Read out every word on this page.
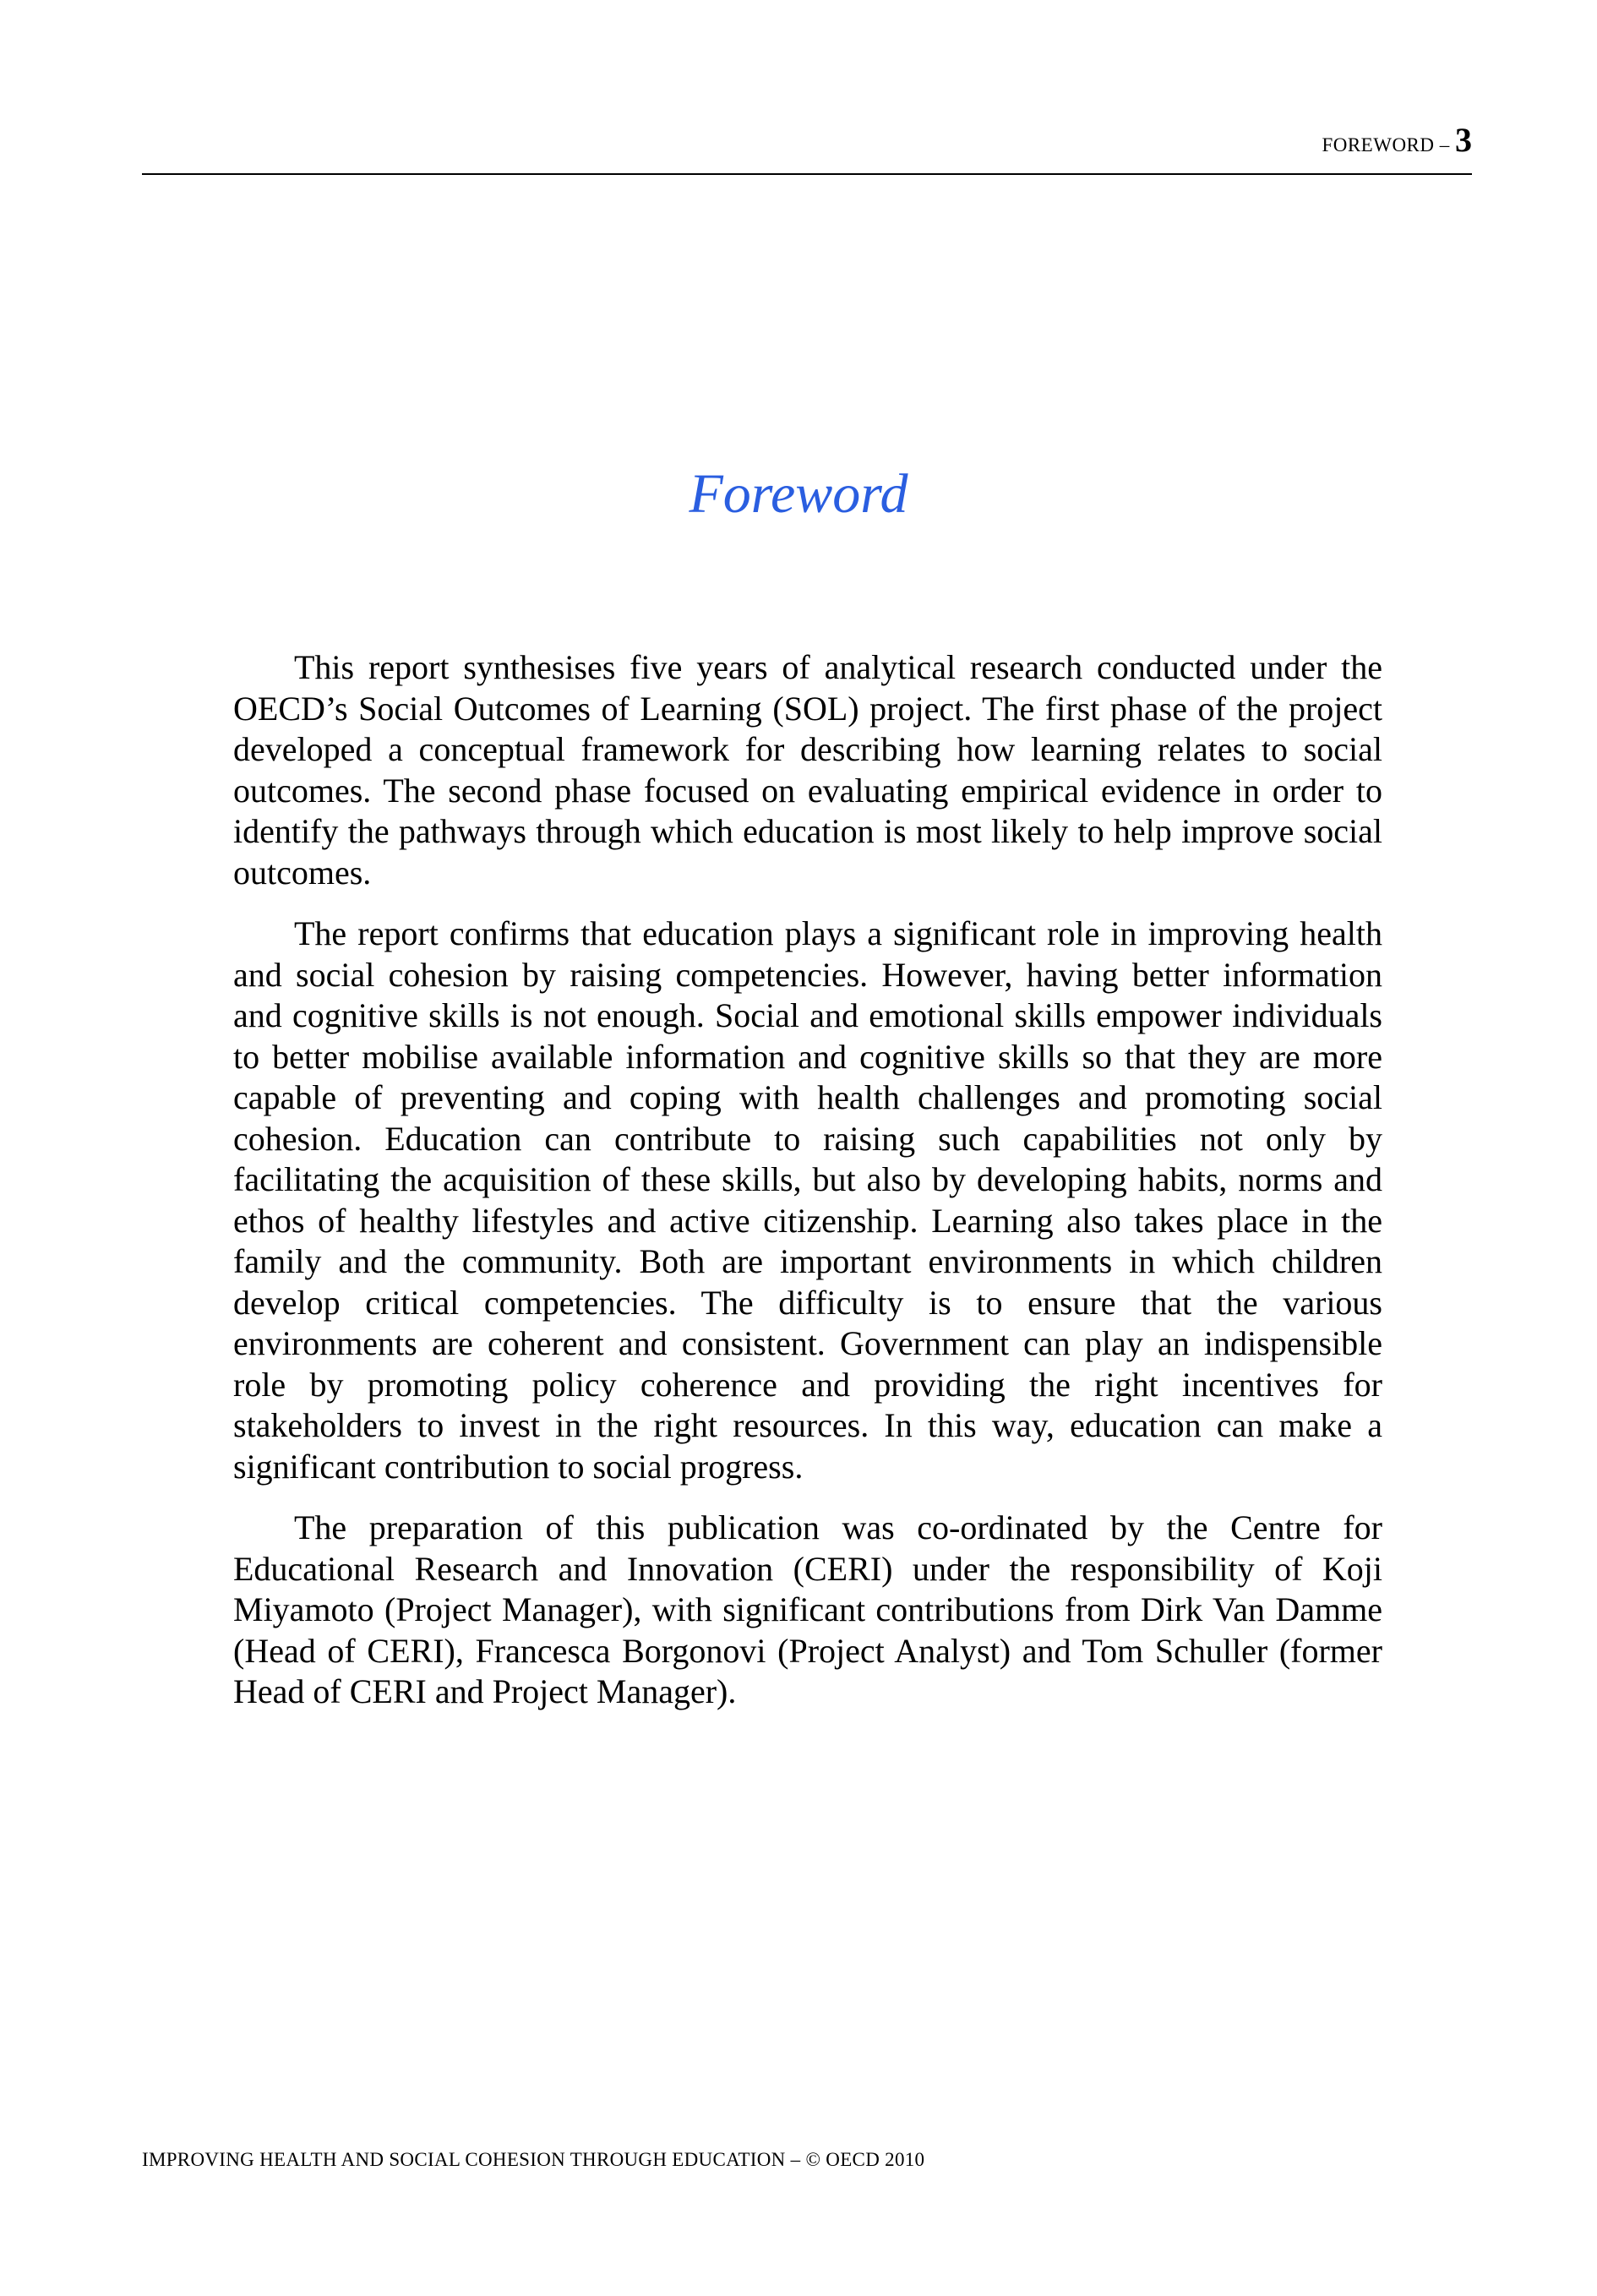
FOREWORD – 3
Foreword

This report synthesises five years of analytical research conducted under the OECD’s Social Outcomes of Learning (SOL) project. The first phase of the project developed a conceptual framework for describing how learning relates to social outcomes. The second phase focused on evaluating empirical evidence in order to identify the pathways through which education is most likely to help improve social outcomes.

The report confirms that education plays a significant role in improving health and social cohesion by raising competencies. However, having better information and cognitive skills is not enough. Social and emotional skills empower individuals to better mobilise available information and cognitive skills so that they are more capable of preventing and coping with health challenges and promoting social cohesion. Education can contribute to raising such capabilities not only by facilitating the acquisition of these skills, but also by developing habits, norms and ethos of healthy lifestyles and active citizenship. Learning also takes place in the family and the community. Both are important environments in which children develop critical competencies. The difficulty is to ensure that the various environments are coherent and consistent. Government can play an indispensible role by promoting policy coherence and providing the right incentives for stakeholders to invest in the right resources. In this way, education can make a significant contribution to social progress.

The preparation of this publication was co-ordinated by the Centre for Educational Research and Innovation (CERI) under the responsibility of Koji Miyamoto (Project Manager), with significant contributions from Dirk Van Damme (Head of CERI), Francesca Borgonovi (Project Analyst) and Tom Schuller (former Head of CERI and Project Manager).

IMPROVING HEALTH AND SOCIAL COHESION THROUGH EDUCATION – © OECD 2010
